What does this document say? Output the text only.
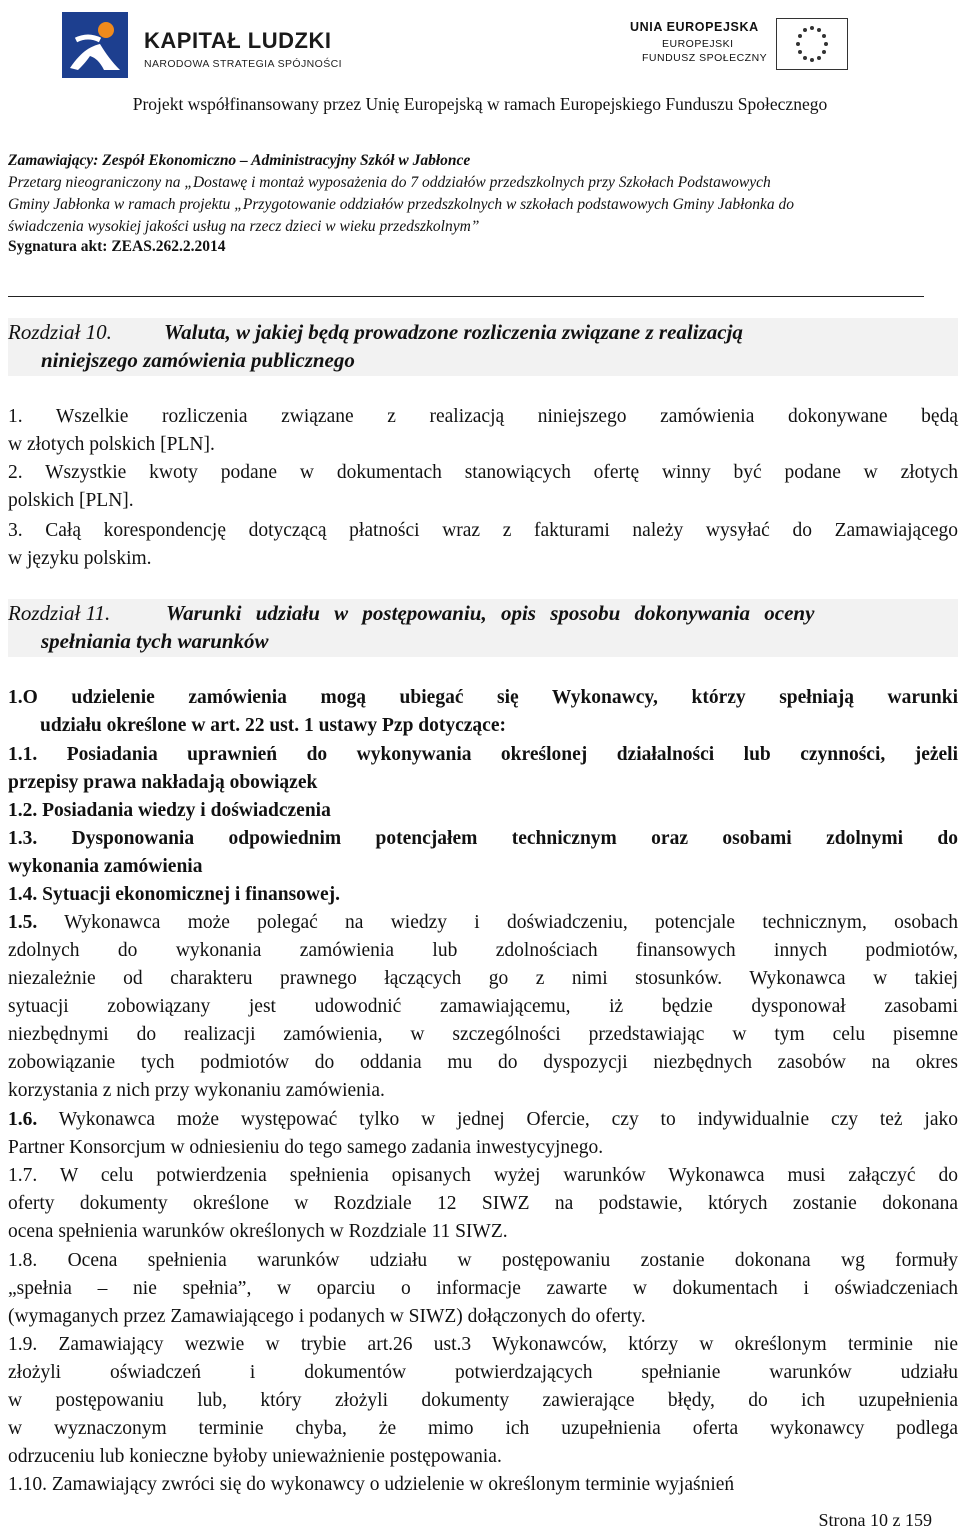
KAPITAŁ LUDZKI
NARODOWA STRATEGIA SPÓJNOŚCI
UNIA EUROPEJSKA
EUROPEJSKI
FUNDUSZ SPOŁECZNY
Projekt współfinansowany przez Unię Europejską w ramach Europejskiego Funduszu Społecznego
Zamawiający: Zespół Ekonomiczno – Administracyjny Szkół w Jabłonce
Przetarg nieograniczony na „Dostawę i montaż wyposażenia do 7 oddziałów przedszkolnych przy Szkołach Podstawowych
Gminy Jabłonka w ramach projektu „Przygotowanie oddziałów przedszkolnych w szkołach podstawowych Gminy Jabłonka do
świadczenia wysokiej jakości usług na rzecz dzieci w wieku przedszkolnym”
Sygnatura akt: ZEAS.262.2.2014
Rozdział 10. Waluta, w jakiej będą prowadzone rozliczenia związane z realizacją
niniejszego zamówienia publicznego
1. Wszelkie rozliczenia związane z realizacją niniejszego zamówienia dokonywane będą
w złotych polskich [PLN].
2. Wszystkie kwoty podane w dokumentach stanowiących ofertę winny być podane w złotych
polskich [PLN].
3. Całą korespondencję dotyczącą płatności wraz z fakturami należy wysyłać do Zamawiającego
w języku polskim.
Rozdział 11.	Warunki udziału w postępowaniu, opis sposobu dokonywania oceny
spełniania tych warunków
1.O udzielenie zamówienia mogą ubiegać się Wykonawcy, którzy spełniają warunki
udziału określone w art. 22 ust. 1 ustawy Pzp dotyczące:
1.1. Posiadania uprawnień do wykonywania określonej działalności lub czynności, jeżeli
przepisy prawa nakładają obowiązek
1.2. Posiadania wiedzy i doświadczenia
1.3. Dysponowania odpowiednim potencjałem technicznym oraz osobami zdolnymi do
wykonania zamówienia
1.4. Sytuacji ekonomicznej i finansowej.
1.5. Wykonawca może polegać na wiedzy i doświadczeniu, potencjale technicznym, osobach
zdolnych do wykonania zamówienia lub zdolnościach finansowych innych podmiotów,
niezależnie od charakteru prawnego łączących go z nimi stosunków. Wykonawca w takiej
sytuacji zobowiązany jest udowodnić zamawiającemu, iż będzie dysponował zasobami
niezbędnymi do realizacji zamówienia, w szczególności przedstawiając w tym celu pisemne
zobowiązanie tych podmiotów do oddania mu do dyspozycji niezbędnych zasobów na okres
korzystania z nich przy wykonaniu zamówienia.
1.6. Wykonawca może występować tylko w jednej Ofercie, czy to indywidualnie czy też jako
Partner Konsorcjum w odniesieniu do tego samego zadania inwestycyjnego.
1.7. W celu potwierdzenia spełnienia opisanych wyżej warunków Wykonawca musi załączyć do
oferty dokumenty określone w Rozdziale 12 SIWZ na podstawie, których zostanie dokonana
ocena spełnienia warunków określonych w Rozdziale 11 SIWZ.
1.8. Ocena spełnienia warunków udziału w postępowaniu zostanie dokonana wg formuły
„spełnia – nie spełnia”, w oparciu o informacje zawarte w dokumentach i oświadczeniach
(wymaganych przez Zamawiającego i podanych w SIWZ) dołączonych do oferty.
1.9. Zamawiający wezwie w trybie art.26 ust.3 Wykonawców, którzy w określonym terminie nie
złożyli oświadczeń i dokumentów potwierdzających spełnianie warunków udziału
w postępowaniu lub, który złożyli dokumenty zawierające błędy, do ich uzupełnienia
w wyznaczonym terminie chyba, że mimo ich uzupełnienia oferta wykonawcy podlega
odrzuceniu lub konieczne byłoby unieważnienie postępowania.
1.10. Zamawiający zwróci się do wykonawcy o udzielenie w określonym terminie wyjaśnień
Strona 10 z 159
